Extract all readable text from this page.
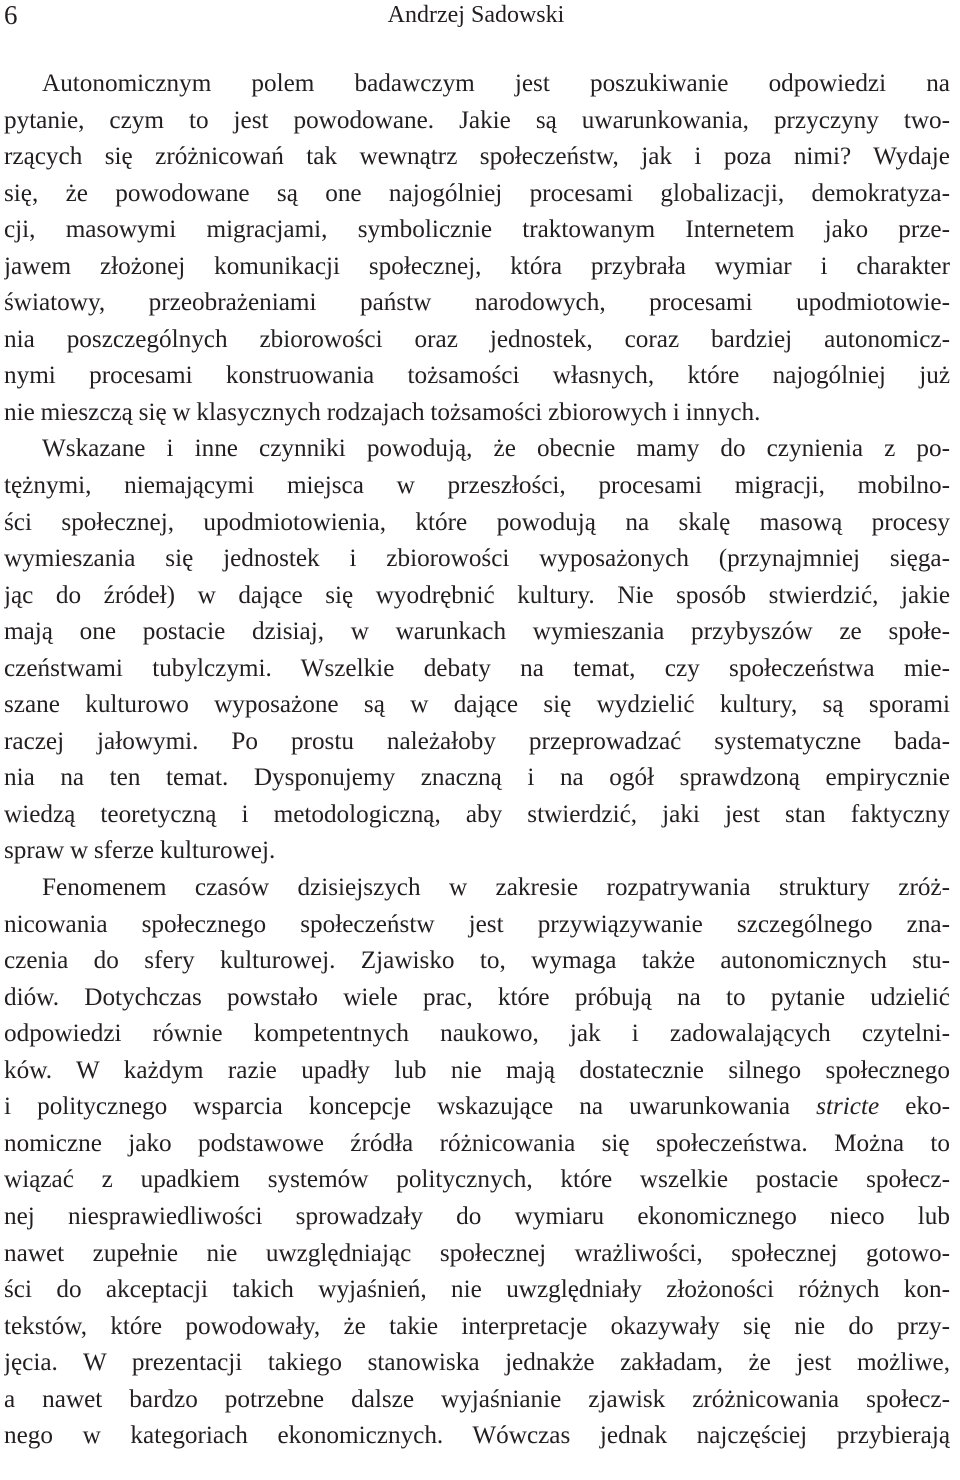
6	Andrzej Sadowski
Autonomicznym polem badawczym jest poszukiwanie odpowiedzi na
pytanie, czym to jest powodowane. Jakie są uwarunkowania, przyczyny two-
rzących się zróżnicowań tak wewnątrz społeczeństw, jak i poza nimi? Wydaje
się, że powodowane są one najogólniej procesami globalizacji, demokratyza-
cji, masowymi migracjami, symbolicznie traktowanym Internetem jako prze-
jawem złożonej komunikacji społecznej, która przybrała wymiar i charakter
światowy, przeobrażeniami państw narodowych, procesami upodmiotowie-
nia poszczególnych zbiorowości oraz jednostek, coraz bardziej autonomicz-
nymi procesami konstruowania tożsamości własnych, które najogólniej już
nie mieszczą się w klasycznych rodzajach tożsamości zbiorowych i innych.
Wskazane i inne czynniki powodują, że obecnie mamy do czynienia z po-
tężnymi, niemającymi miejsca w przeszłości, procesami migracji, mobilno-
ści społecznej, upodmiotowienia, które powodują na skalę masową procesy
wymieszania się jednostek i zbiorowości wyposażonych (przynajmniej sięga-
jąc do źródeł) w dające się wyodrębnić kultury. Nie sposób stwierdzić, jakie
mają one postacie dzisiaj, w warunkach wymieszania przybyszów ze społe-
czeństwami tubylczymi. Wszelkie debaty na temat, czy społeczeństwa mie-
szane kulturowo wyposażone są w dające się wydzielić kultury, są sporami
raczej jałowymi. Po prostu należałoby przeprowadzać systematyczne bada-
nia na ten temat. Dysponujemy znaczną i na ogół sprawdzoną empirycznie
wiedzą teoretyczną i metodologiczną, aby stwierdzić, jaki jest stan faktyczny
spraw w sferze kulturowej.
Fenomenem czasów dzisiejszych w zakresie rozpatrywania struktury zróż-
nicowania społecznego społeczeństw jest przywiązywanie szczególnego zna-
czenia do sfery kulturowej. Zjawisko to, wymaga także autonomicznych stu-
diów. Dotychczas powstało wiele prac, które próbują na to pytanie udzielić
odpowiedzi równie kompetentnych naukowo, jak i zadowalających czytelni-
ków. W każdym razie upadły lub nie mają dostatecznie silnego społecznego
i politycznego wsparcia koncepcje wskazujące na uwarunkowania stricte eko-
nomiczne jako podstawowe źródła różnicowania się społeczeństwa. Można to
wiązać z upadkiem systemów politycznych, które wszelkie postacie społecz-
nej niesprawiedliwości sprowadzały do wymiaru ekonomicznego nieco lub
nawet zupełnie nie uwzględniając społecznej wrażliwości, społecznej gotowo-
ści do akceptacji takich wyjaśnień, nie uwzględniały złożoności różnych kon-
tekstów, które powodowały, że takie interpretacje okazywały się nie do przy-
jęcia. W prezentacji takiego stanowiska jednakże zakładam, że jest możliwe,
a nawet bardzo potrzebne dalsze wyjaśnianie zjawisk zróżnicowania społecz-
nego w kategoriach ekonomicznych. Wówczas jednak najczęściej przybierają
